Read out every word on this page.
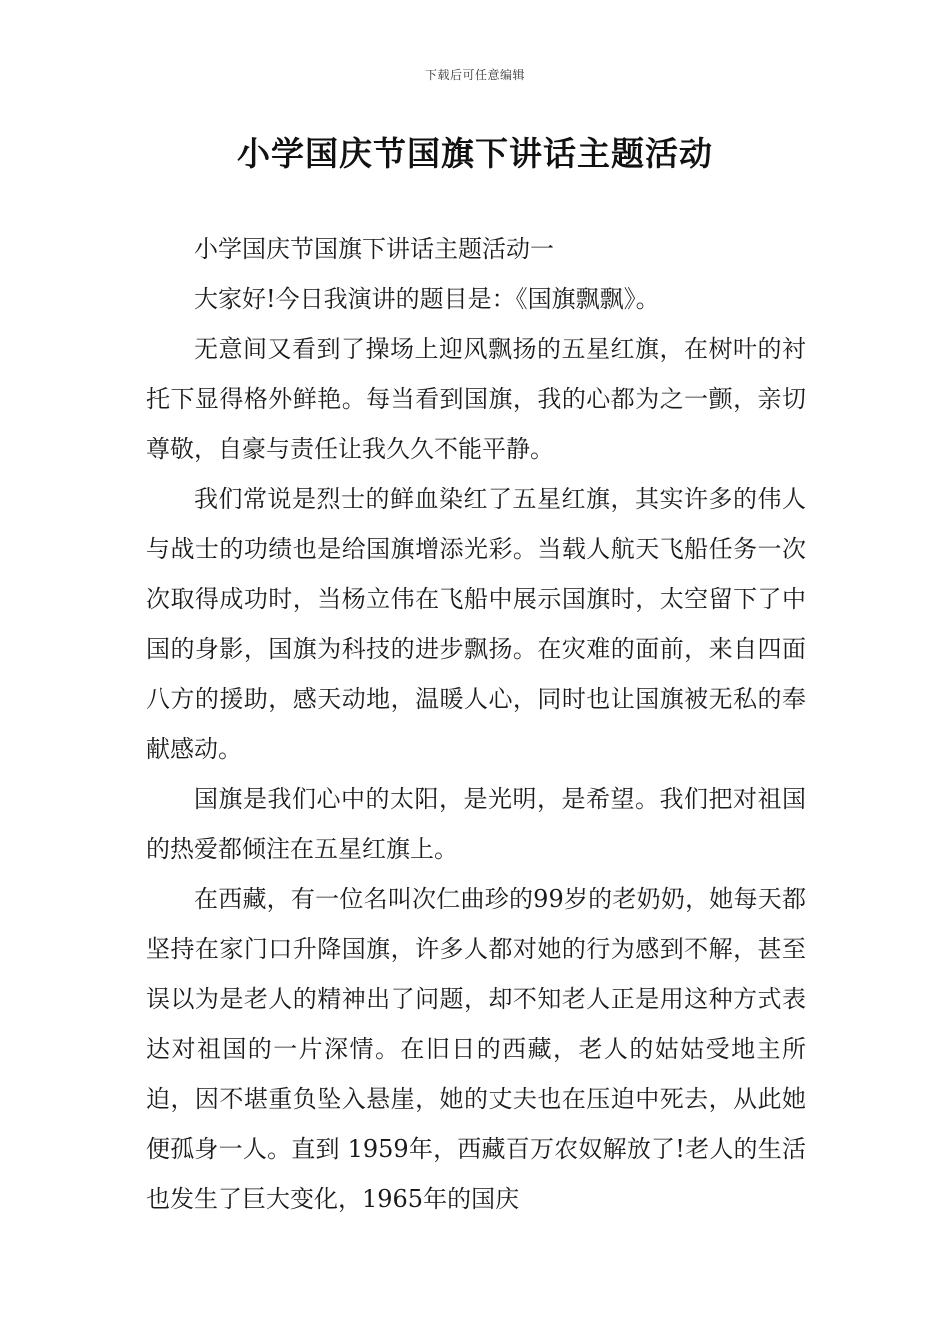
下载后可任意编辑
小学国庆节国旗下讲话主题活动

小学国庆节国旗下讲话主题活动一

大家好!今日我演讲的题目是：《国旗飘飘》。

无意间又看到了操场上迎风飘扬的五星红旗，在树叶的衬托下显得格外鲜艳。每当看到国旗，我的心都为之一颤，亲切尊敬，自豪与责任让我久久不能平静。

我们常说是烈士的鲜血染红了五星红旗，其实许多的伟人与战士的功绩也是给国旗增添光彩。当载人航天飞船任务一次次取得成功时，当杨立伟在飞船中展示国旗时，太空留下了中国的身影，国旗为科技的进步飘扬。在灾难的面前，来自四面八方的援助，感天动地，温暖人心，同时也让国旗被无私的奉献感动。

国旗是我们心中的太阳，是光明，是希望。我们把对祖国的热爱都倾注在五星红旗上。

在西藏，有一位名叫次仁曲珍的99岁的老奶奶，她每天都坚持在家门口升降国旗，许多人都对她的行为感到不解，甚至误以为是老人的精神出了问题，却不知老人正是用这种方式表达对祖国的一片深情。在旧日的西藏，老人的姑姑受地主所迫，因不堪重负坠入悬崖，她的丈夫也在压迫中死去，从此她便孤身一人。直到 1959年，西藏百万农奴解放了!老人的生活也发生了巨大变化，1965年的国庆
